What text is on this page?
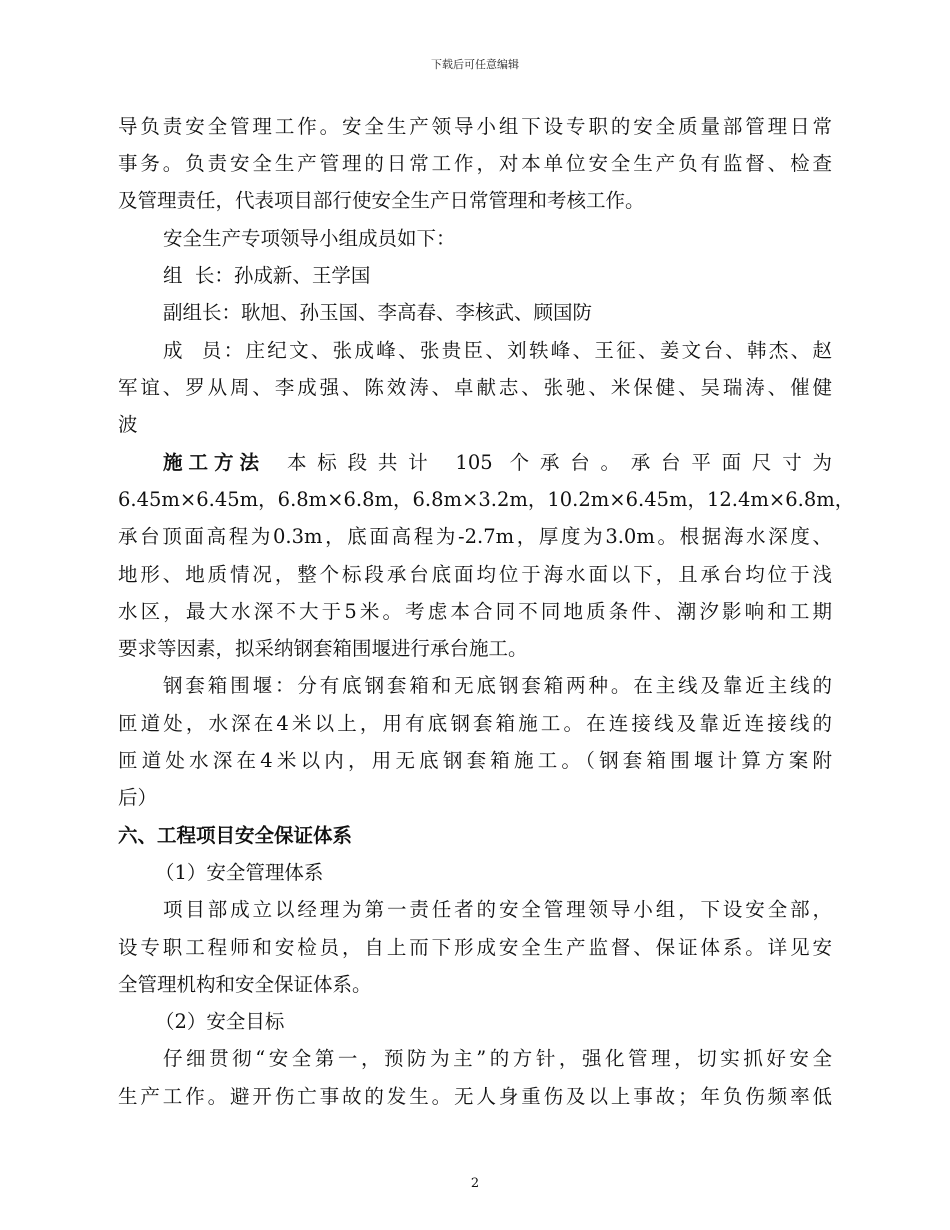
下载后可任意编辑
导负责安全管理工作。安全生产领导小组下设专职的安全质量部管理日常
事务。负责安全生产管理的日常工作，对本单位安全生产负有监督、检查
及管理责任，代表项目部行使安全生产日常管理和考核工作。
安全生产专项领导小组成员如下：
组  长：孙成新、王学国
副组长：耿旭、孙玉国、李高春、李核武、顾国防
成  员：庄纪文、张成峰、张贵臣、刘轶峰、王征、姜文台、韩杰、赵
军谊、罗从周、李成强、陈效涛、卓献志、张驰、米保健、吴瑞涛、催健
波
施工方法	本标段共计 105 个承台。承台平面尺寸为
6.45m×6.45m，6.8m×6.8m，6.8m×3.2m，10.2m×6.45m，12.4m×6.8m，
承台顶面高程为0.3m，底面高程为-2.7m，厚度为3.0m。根据海水深度、
地形、地质情况，整个标段承台底面均位于海水面以下，且承台均位于浅
水区，最大水深不大于5米。考虑本合同不同地质条件、潮汐影响和工期
要求等因素，拟采纳钢套箱围堰进行承台施工。
钢套箱围堰：分有底钢套箱和无底钢套箱两种。在主线及靠近主线的
匝道处，水深在4米以上，用有底钢套箱施工。在连接线及靠近连接线的
匝道处水深在4米以内，用无底钢套箱施工。（钢套箱围堰计算方案附
后）
六、工程项目安全保证体系
（1）安全管理体系
项目部成立以经理为第一责任者的安全管理领导小组，下设安全部，
设专职工程师和安检员，自上而下形成安全生产监督、保证体系。详见安
全管理机构和安全保证体系。
（2）安全目标
仔细贯彻“安全第一，预防为主”的方针，强化管理，切实抓好安全
生产工作。避开伤亡事故的发生。无人身重伤及以上事故；年负伤频率低
2
